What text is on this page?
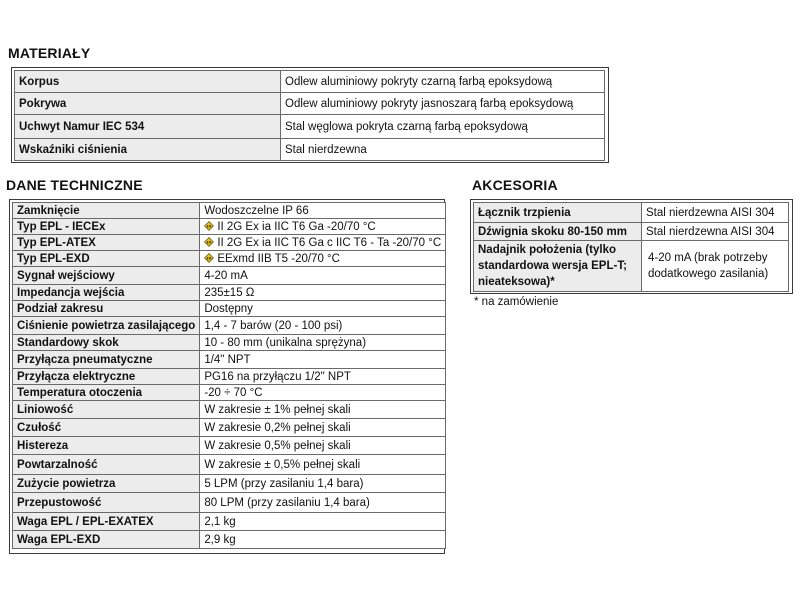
MATERIAŁY
Korpus	Odlew aluminiowy pokryty czarną farbą epoksydową
Pokrywa	Odlew aluminiowy pokryty jasnoszarą farbą epoksydową
Uchwyt Namur IEC 534	Stal węglowa pokryta czarną farbą epoksydową
Wskaźniki ciśnienia	Stal nierdzewna
DANE TECHNICZNE
Zamknięcie	Wodoszczelne IP 66
Typ EPL - IECEx	εx II 2G Ex ia IIC T6 Ga -20/70 °C
Typ EPL-ATEX	εx II 2G Ex ia IIC T6 Ga c IIC T6 - Ta -20/70 °C
Typ EPL-EXD	εx EExmd IIB T5 -20/70 °C
Sygnał wejściowy	4-20 mA
Impedancja wejścia	235±15 Ω
Podział zakresu	Dostępny
Ciśnienie powietrza zasilającego	1,4 - 7 barów (20 - 100 psi)
Standardowy skok	10 - 80 mm (unikalna sprężyna)
Przyłącza pneumatyczne	1/4" NPT
Przyłącza elektryczne	PG16 na przyłączu 1/2" NPT
Temperatura otoczenia	-20 ÷ 70 °C
Liniowość	W zakresie ± 1% pełnej skali
Czułość	W zakresie 0,2% pełnej skali
Histereza	W zakresie 0,5% pełnej skali
Powtarzalność	W zakresie ± 0,5% pełnej skali
Zużycie powietrza	5 LPM (przy zasilaniu 1,4 bara)
Przepustowość	80 LPM (przy zasilaniu 1,4 bara)
Waga EPL / EPL-EXATEX	2,1 kg
Waga EPL-EXD	2,9 kg
AKCESORIA
Łącznik trzpienia	Stal nierdzewna AISI 304
Dźwignia skoku 80-150 mm	Stal nierdzewna AISI 304
Nadajnik położenia (tylko standardowa wersja EPL-T; nieateksowa)*	4-20 mA (brak potrzeby dodatkowego zasilania)
* na zamówienie
